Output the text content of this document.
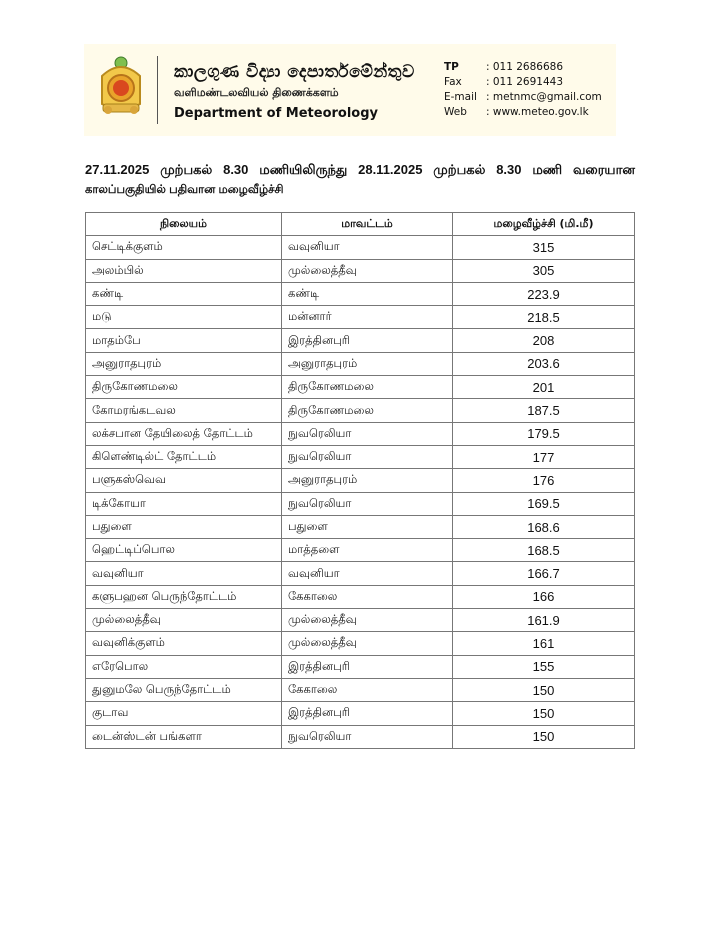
කාලගුණ විද්‍යා දෙපාර්තමේන්තුව
வளிமண்டலவியல் திணைக்களம்
Department of Meteorology
TP	: 011 2686686
Fax	: 011 2691443
E-mail : metnmc@gmail.com
Web	: www.meteo.gov.lk
27.11.2025 முற்பகல் 8.30 மணியிலிருந்து 28.11.2025 முற்பகல் 8.30 மணி வரையான
காலப்பகுதியில் பதிவான மழைவீழ்ச்சி
நிலையம்	மாவட்டம்	மழைவீழ்ச்சி (மி.மீ)
செட்டிக்குளம்	வவுனியா	315
அலம்பில்	முல்லைத்தீவு	305
கண்டி	கண்டி	223.9
மடு	மன்னார்	218.5
மாதம்பே	இரத்தினபுரி	208
அனுராதபுரம்	அனுராதபுரம்	203.6
திருகோணமலை	திருகோணமலை	201
கோமரங்கடவல	திருகோணமலை	187.5
லக்சபான தேயிலைத் தோட்டம்	நுவரெலியா	179.5
கிளெண்டில்ட் தோட்டம்	நுவரெலியா	177
பளுகஸ்வெவ	அனுராதபுரம்	176
டிக்கோயா	நுவரெலியா	169.5
பதுளை	பதுளை	168.6
ஹெட்டிப்பொல	மாத்தளை	168.5
வவுனியா	வவுனியா	166.7
களுபஹன பெருந்தோட்டம்	கேகாலை	166
முல்லைத்தீவு	முல்லைத்தீவு	161.9
வவுனிக்குளம்	முல்லைத்தீவு	161
எரேபொல	இரத்தினபுரி	155
துனுமலே பெருந்தோட்டம்	கேகாலை	150
குடாவ	இரத்தினபுரி	150
டைன்ஸ்டன் பங்களா	நுவரெலியா	150
